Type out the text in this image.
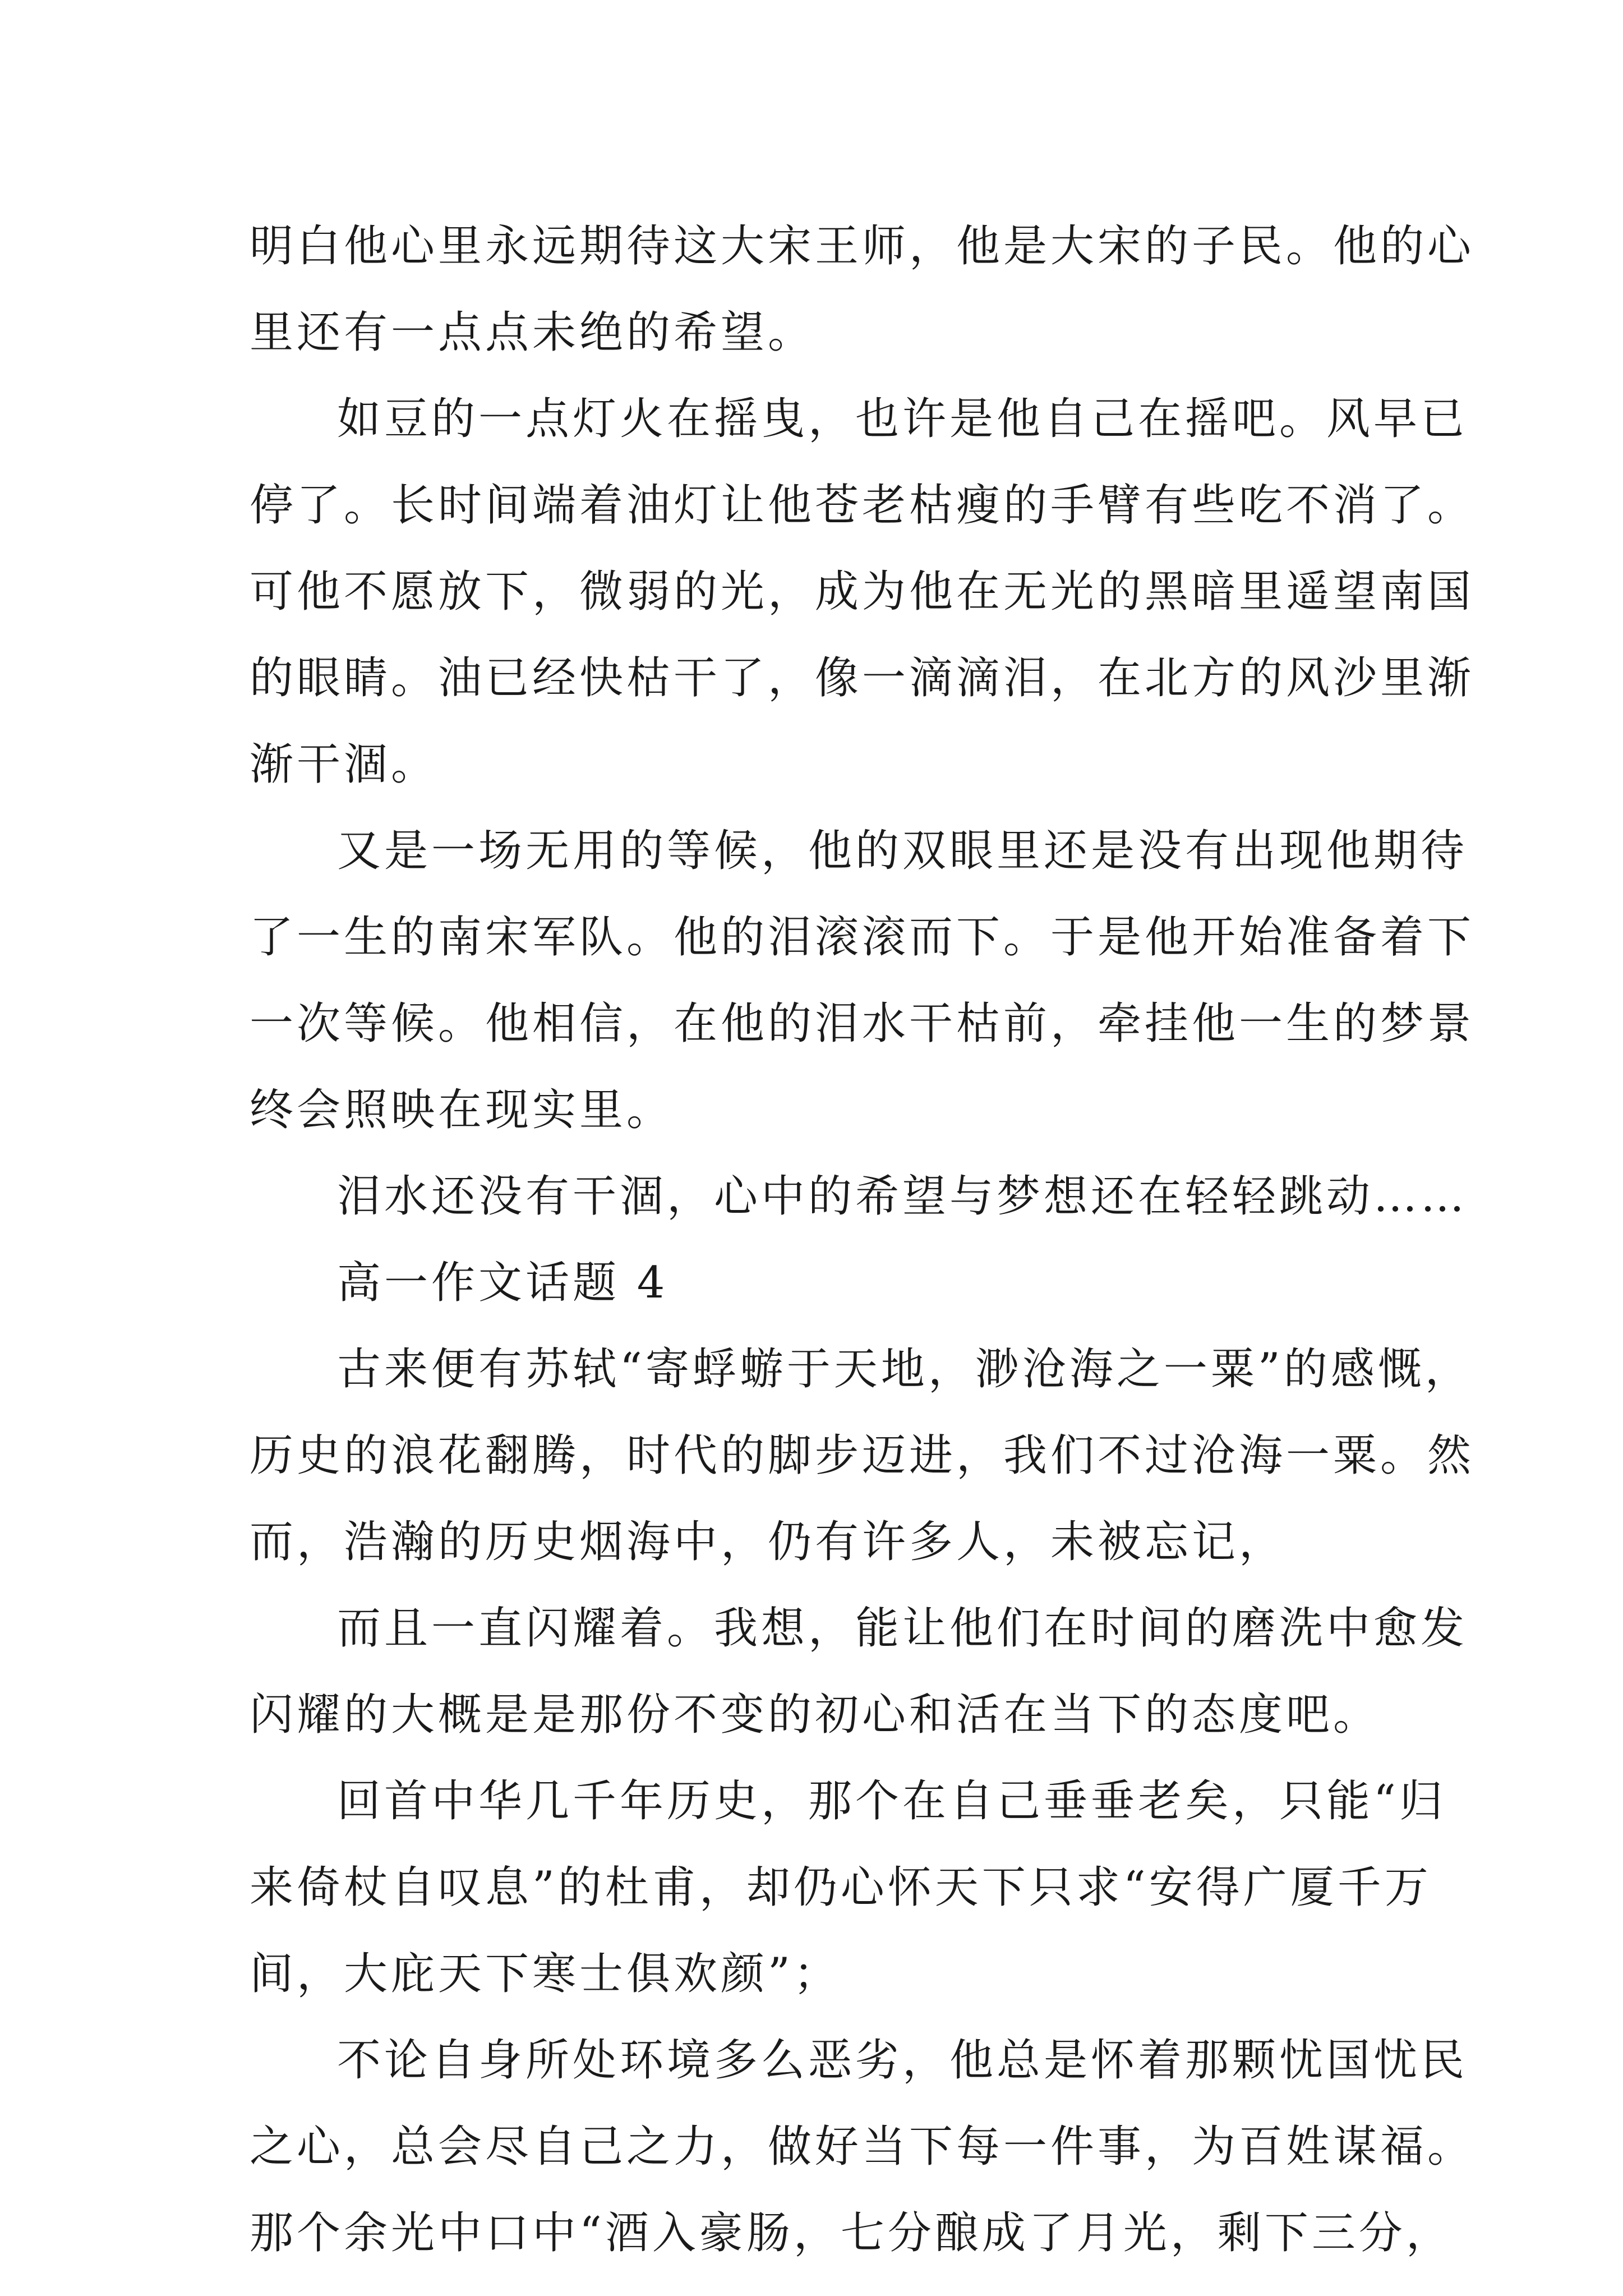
明白他心里永远期待这大宋王师，他是大宋的子民。他的心
里还有一点点未绝的希望。
如豆的一点灯火在摇曳，也许是他自己在摇吧。风早已
停了。长时间端着油灯让他苍老枯瘦的手臂有些吃不消了。
可他不愿放下，微弱的光，成为他在无光的黑暗里遥望南国
的眼睛。油已经快枯干了，像一滴滴泪，在北方的风沙里渐
渐干涸。
又是一场无用的等候，他的双眼里还是没有出现他期待
了一生的南宋军队。他的泪滚滚而下。于是他开始准备着下
一次等候。他相信，在他的泪水干枯前，牵挂他一生的梦景
终会照映在现实里。
泪水还没有干涸，心中的希望与梦想还在轻轻跳动……
高一作文话题 4
古来便有苏轼“寄蜉蝣于天地，渺沧海之一粟”的感慨，
历史的浪花翻腾，时代的脚步迈进，我们不过沧海一粟。然
而，浩瀚的历史烟海中，仍有许多人，未被忘记，
而且一直闪耀着。我想，能让他们在时间的磨洗中愈发
闪耀的大概是是那份不变的初心和活在当下的态度吧。
回首中华几千年历史，那个在自己垂垂老矣，只能“归
来倚杖自叹息”的杜甫，却仍心怀天下只求“安得广厦千万
间，大庇天下寒士俱欢颜”；
不论自身所处环境多么恶劣，他总是怀着那颗忧国忧民
之心，总会尽自己之力，做好当下每一件事，为百姓谋福。
那个余光中口中“酒入豪肠，七分酿成了月光，剩下三分，
